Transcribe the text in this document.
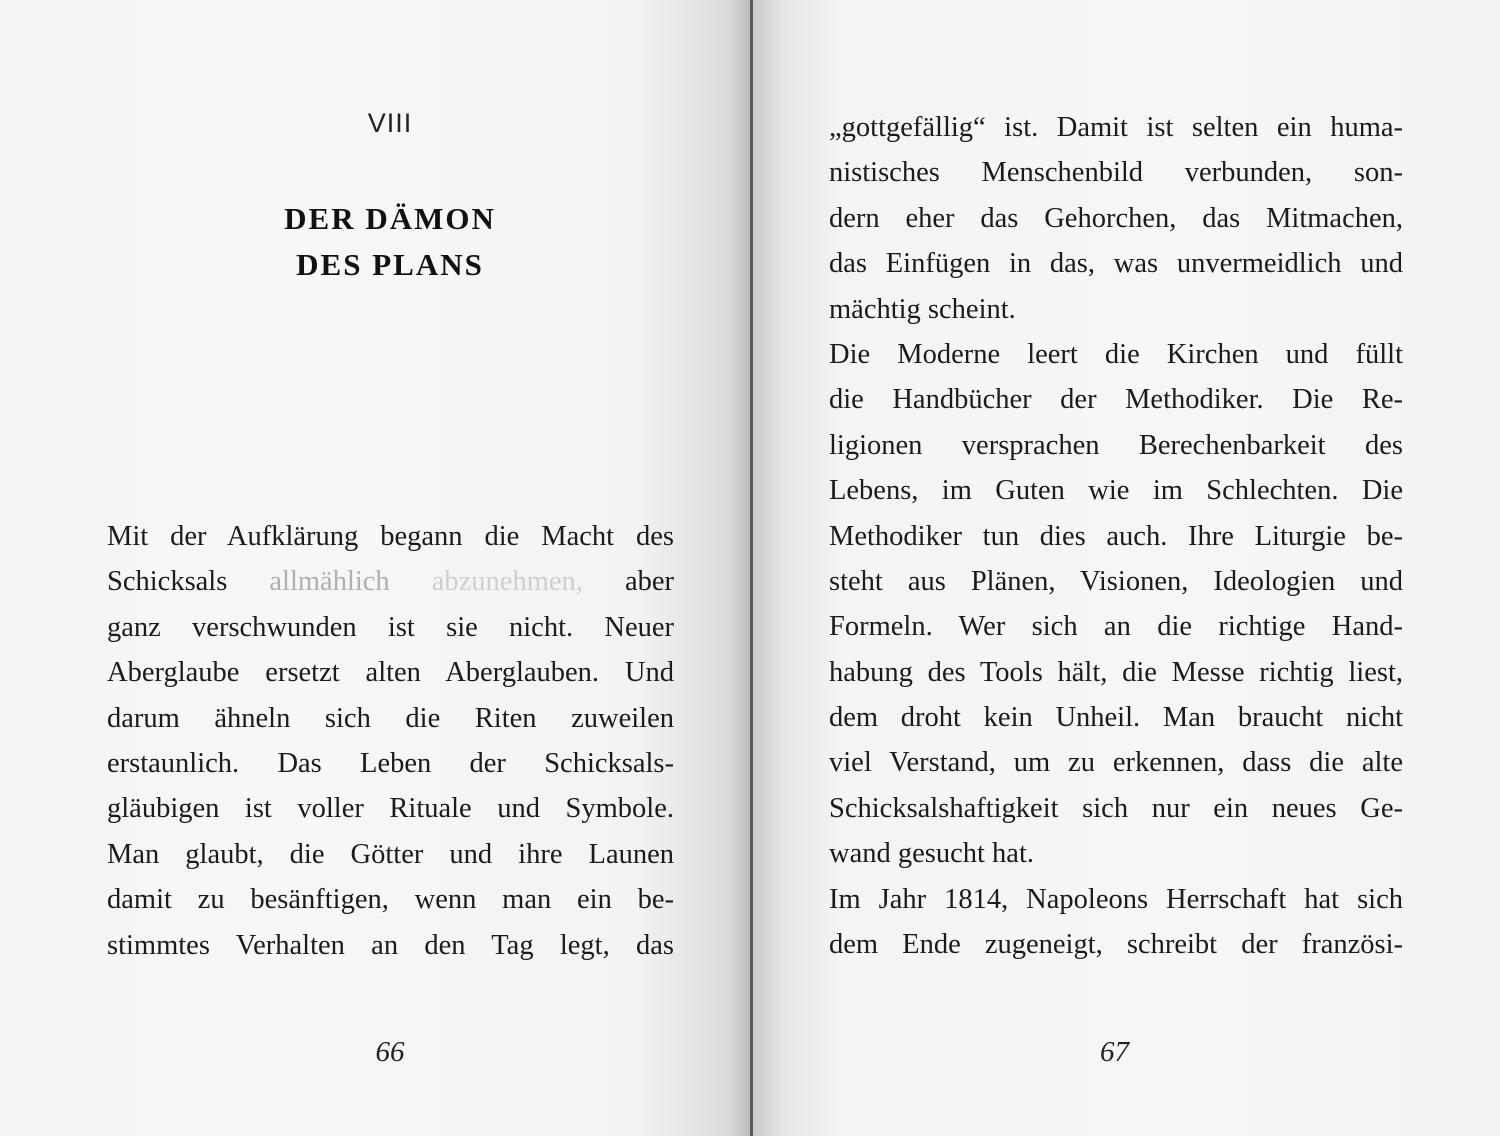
VIII
DER DÄMON
DES PLANS
Mit der Aufklärung begann die Macht des
Schicksals allmählich abzunehmen, aber
ganz verschwunden ist sie nicht. Neuer
Aberglaube ersetzt alten Aberglauben. Und
darum ähneln sich die Riten zuweilen
erstaunlich. Das Leben der Schicksals-
gläubigen ist voller Rituale und Symbole.
Man glaubt, die Götter und ihre Launen
damit zu besänftigen, wenn man ein be-
stimmtes Verhalten an den Tag legt, das
66
„gottgefällig“ ist. Damit ist selten ein huma-
nistisches Menschenbild verbunden, son-
dern eher das Gehorchen, das Mitmachen,
das Einfügen in das, was unvermeidlich und
mächtig scheint.
Die Moderne leert die Kirchen und füllt
die Handbücher der Methodiker. Die Re-
ligionen versprachen Berechenbarkeit des
Lebens, im Guten wie im Schlechten. Die
Methodiker tun dies auch. Ihre Liturgie be-
steht aus Plänen, Visionen, Ideologien und
Formeln. Wer sich an die richtige Hand-
habung des Tools hält, die Messe richtig liest,
dem droht kein Unheil. Man braucht nicht
viel Verstand, um zu erkennen, dass die alte
Schicksalshaftigkeit sich nur ein neues Ge-
wand gesucht hat.
Im Jahr 1814, Napoleons Herrschaft hat sich
dem Ende zugeneigt, schreibt der französi-
67
